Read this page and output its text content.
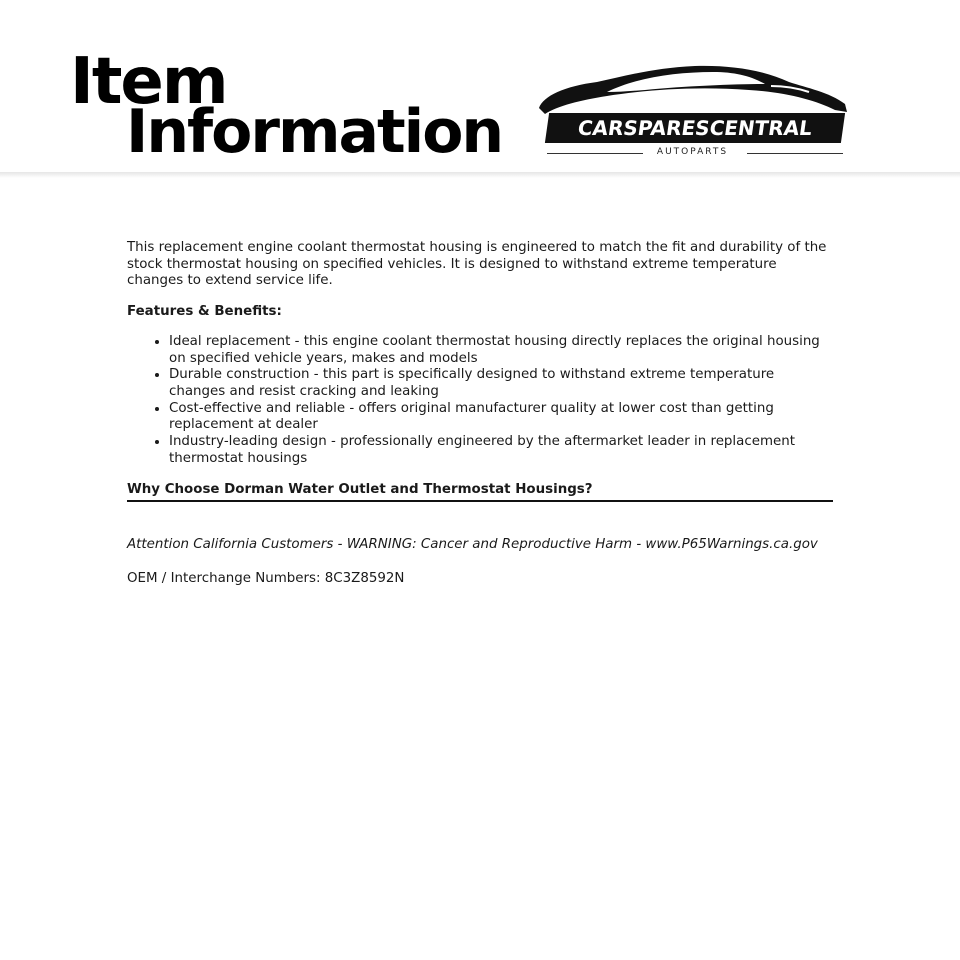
Item
Information	CARSPARESCENTRAL
AUTOPARTS

This replacement engine coolant thermostat housing is engineered to match the fit and durability of the stock thermostat housing on specified vehicles. It is designed to withstand extreme temperature changes to extend service life.

Features & Benefits:

• Ideal replacement - this engine coolant thermostat housing directly replaces the original housing on specified vehicle years, makes and models
• Durable construction - this part is specifically designed to withstand extreme temperature changes and resist cracking and leaking
• Cost-effective and reliable - offers original manufacturer quality at lower cost than getting replacement at dealer
• Industry-leading design - professionally engineered by the aftermarket leader in replacement thermostat housings

Why Choose Dorman Water Outlet and Thermostat Housings?

Attention California Customers - WARNING: Cancer and Reproductive Harm - www.P65Warnings.ca.gov

OEM / Interchange Numbers: 8C3Z8592N
